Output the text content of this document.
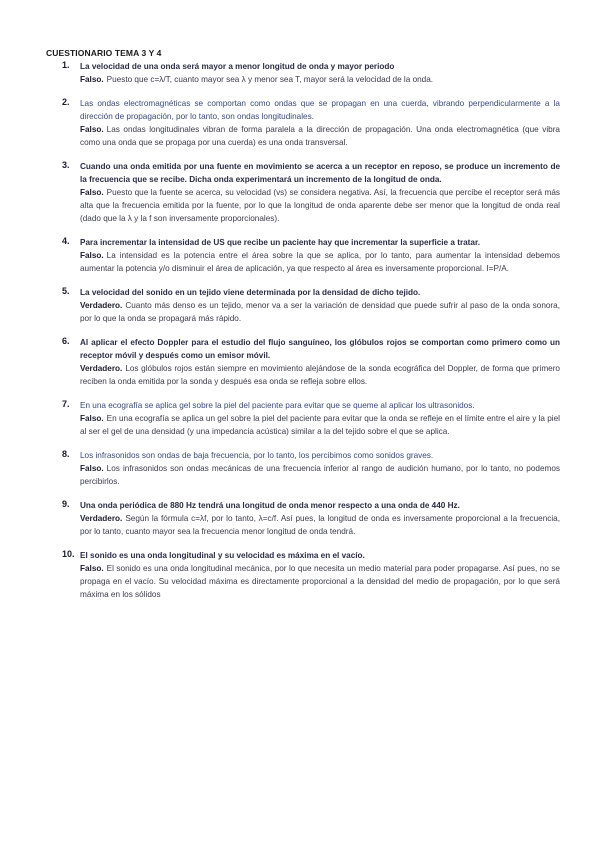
CUESTIONARIO TEMA 3 Y 4
1. La velocidad de una onda será mayor a menor longitud de onda y mayor periodo
Falso. Puesto que c=λ/T, cuanto mayor sea λ y menor sea T, mayor será la velocidad de la onda.
2. Las ondas electromagnéticas se comportan como ondas que se propagan en una cuerda, vibrando perpendicularmente a la dirección de propagación, por lo tanto, son ondas longitudinales.
Falso. Las ondas longitudinales vibran de forma paralela a la dirección de propagación. Una onda electromagnética (que vibra como una onda que se propaga por una cuerda) es una onda transversal.
3. Cuando una onda emitida por una fuente en movimiento se acerca a un receptor en reposo, se produce un incremento de la frecuencia que se recibe. Dicha onda experimentará un incremento de la longitud de onda.
Falso. Puesto que la fuente se acerca, su velocidad (vs) se considera negativa. Así, la frecuencia que percibe el receptor será más alta que la frecuencia emitida por la fuente, por lo que la longitud de onda aparente debe ser menor que la longitud de onda real (dado que la λ y la f son inversamente proporcionales).
4. Para incrementar la intensidad de US que recibe un paciente hay que incrementar la superficie a tratar.
Falso. La intensidad es la potencia entre el área sobre la que se aplica, por lo tanto, para aumentar la intensidad debemos aumentar la potencia y/o disminuir el área de aplicación, ya que respecto al área es inversamente proporcional. I=P/A.
5. La velocidad del sonido en un tejido viene determinada por la densidad de dicho tejido.
Verdadero. Cuanto más denso es un tejido, menor va a ser la variación de densidad que puede sufrir al paso de la onda sonora, por lo que la onda se propagará más rápido.
6. Al aplicar el efecto Doppler para el estudio del flujo sanguíneo, los glóbulos rojos se comportan como primero como un receptor móvil y después como un emisor móvil.
Verdadero. Los glóbulos rojos están siempre en movimiento alejándose de la sonda ecográfica del Doppler, de forma que primero reciben la onda emitida por la sonda y después esa onda se refleja sobre ellos.
7. En una ecografía se aplica gel sobre la piel del paciente para evitar que se queme al aplicar los ultrasonidos.
Falso. En una ecografía se aplica un gel sobre la piel del paciente para evitar que la onda se refleje en el límite entre el aire y la piel al ser el gel de una densidad (y una impedancia acústica) similar a la del tejido sobre el que se aplica.
8. Los infrasonidos son ondas de baja frecuencia, por lo tanto, los percibimos como sonidos graves.
Falso. Los infrasonidos son ondas mecánicas de una frecuencia inferior al rango de audición humano, por lo tanto, no podemos percibirlos.
9. Una onda periódica de 880 Hz tendrá una longitud de onda menor respecto a una onda de 440 Hz.
Verdadero. Según la fórmula c=λf, por lo tanto, λ=c/f. Así pues, la longitud de onda es inversamente proporcional a la frecuencia, por lo tanto, cuanto mayor sea la frecuencia menor longitud de onda tendrá.
10. El sonido es una onda longitudinal y su velocidad es máxima en el vacío.
Falso. El sonido es una onda longitudinal mecánica, por lo que necesita un medio material para poder propagarse. Así pues, no se propaga en el vacío. Su velocidad máxima es directamente proporcional a la densidad del medio de propagación, por lo que será máxima en los sólidos
